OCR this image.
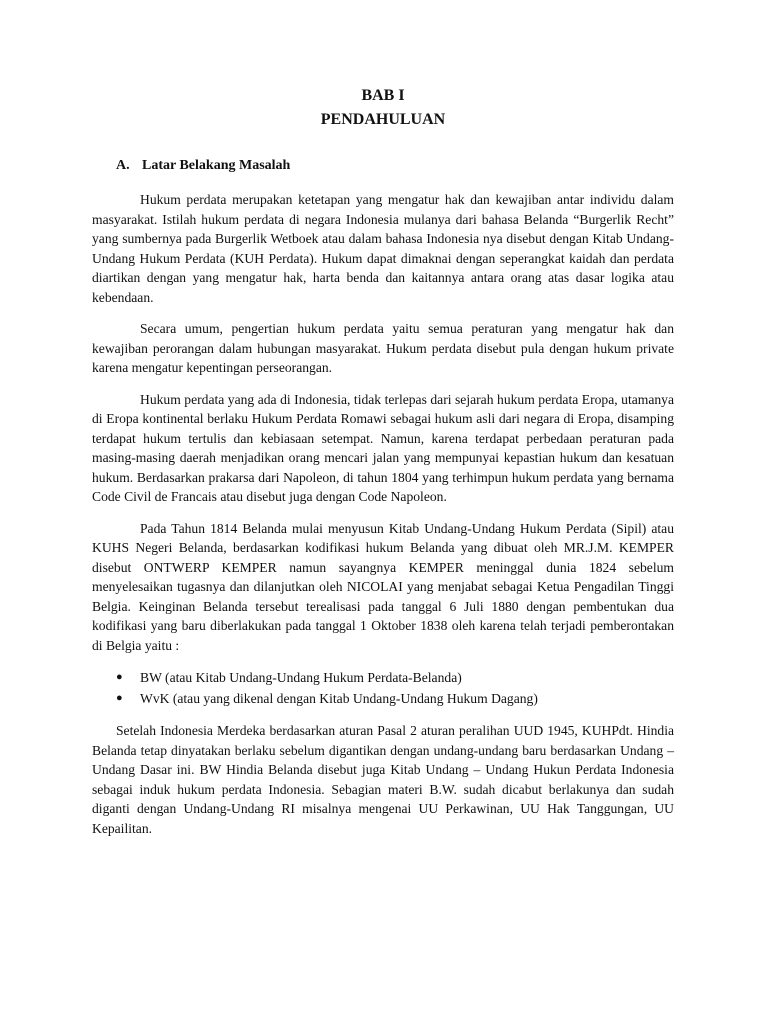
BAB I
PENDAHULUAN
A. Latar Belakang Masalah

Hukum perdata merupakan ketetapan yang mengatur hak dan kewajiban antar individu dalam masyarakat. Istilah hukum perdata di negara Indonesia mulanya dari bahasa Belanda “Burgerlik Recht” yang sumbernya pada Burgerlik Wetboek atau dalam bahasa Indonesia nya disebut dengan Kitab Undang-Undang Hukum Perdata (KUH Perdata). Hukum dapat dimaknai dengan seperangkat kaidah dan perdata diartikan dengan yang mengatur hak, harta benda dan kaitannya antara orang atas dasar logika atau kebendaan.

Secara umum, pengertian hukum perdata yaitu semua peraturan yang mengatur hak dan kewajiban perorangan dalam hubungan masyarakat. Hukum perdata disebut pula dengan hukum private karena mengatur kepentingan perseorangan.

Hukum perdata yang ada di Indonesia, tidak terlepas dari sejarah hukum perdata Eropa, utamanya di Eropa kontinental berlaku Hukum Perdata Romawi sebagai hukum asli dari negara di Eropa, disamping terdapat hukum tertulis dan kebiasaan setempat. Namun, karena terdapat perbedaan peraturan pada masing-masing daerah menjadikan orang mencari jalan yang mempunyai kepastian hukum dan kesatuan hukum. Berdasarkan prakarsa dari Napoleon, di tahun 1804 yang terhimpun hukum perdata yang bernama Code Civil de Francais atau disebut juga dengan Code Napoleon.

Pada Tahun 1814 Belanda mulai menyusun Kitab Undang-Undang Hukum Perdata (Sipil) atau KUHS Negeri Belanda, berdasarkan kodifikasi hukum Belanda yang dibuat oleh MR.J.M. KEMPER disebut ONTWERP KEMPER namun sayangnya KEMPER meninggal dunia 1824 sebelum menyelesaikan tugasnya dan dilanjutkan oleh NICOLAI yang menjabat sebagai Ketua Pengadilan Tinggi Belgia. Keinginan Belanda tersebut terealisasi pada tanggal 6 Juli 1880 dengan pembentukan dua kodifikasi yang baru diberlakukan pada tanggal 1 Oktober 1838 oleh karena telah terjadi pemberontakan di Belgia yaitu :

● BW (atau Kitab Undang-Undang Hukum Perdata-Belanda)
● WvK (atau yang dikenal dengan Kitab Undang-Undang Hukum Dagang)

Setelah Indonesia Merdeka berdasarkan aturan Pasal 2 aturan peralihan UUD 1945, KUHPdt. Hindia Belanda tetap dinyatakan berlaku sebelum digantikan dengan undang-undang baru berdasarkan Undang – Undang Dasar ini. BW Hindia Belanda disebut juga Kitab Undang – Undang Hukun Perdata Indonesia sebagai induk hukum perdata Indonesia. Sebagian materi B.W. sudah dicabut berlakunya dan sudah diganti dengan Undang-Undang RI misalnya mengenai UU Perkawinan, UU Hak Tanggungan, UU Kepailitan.
